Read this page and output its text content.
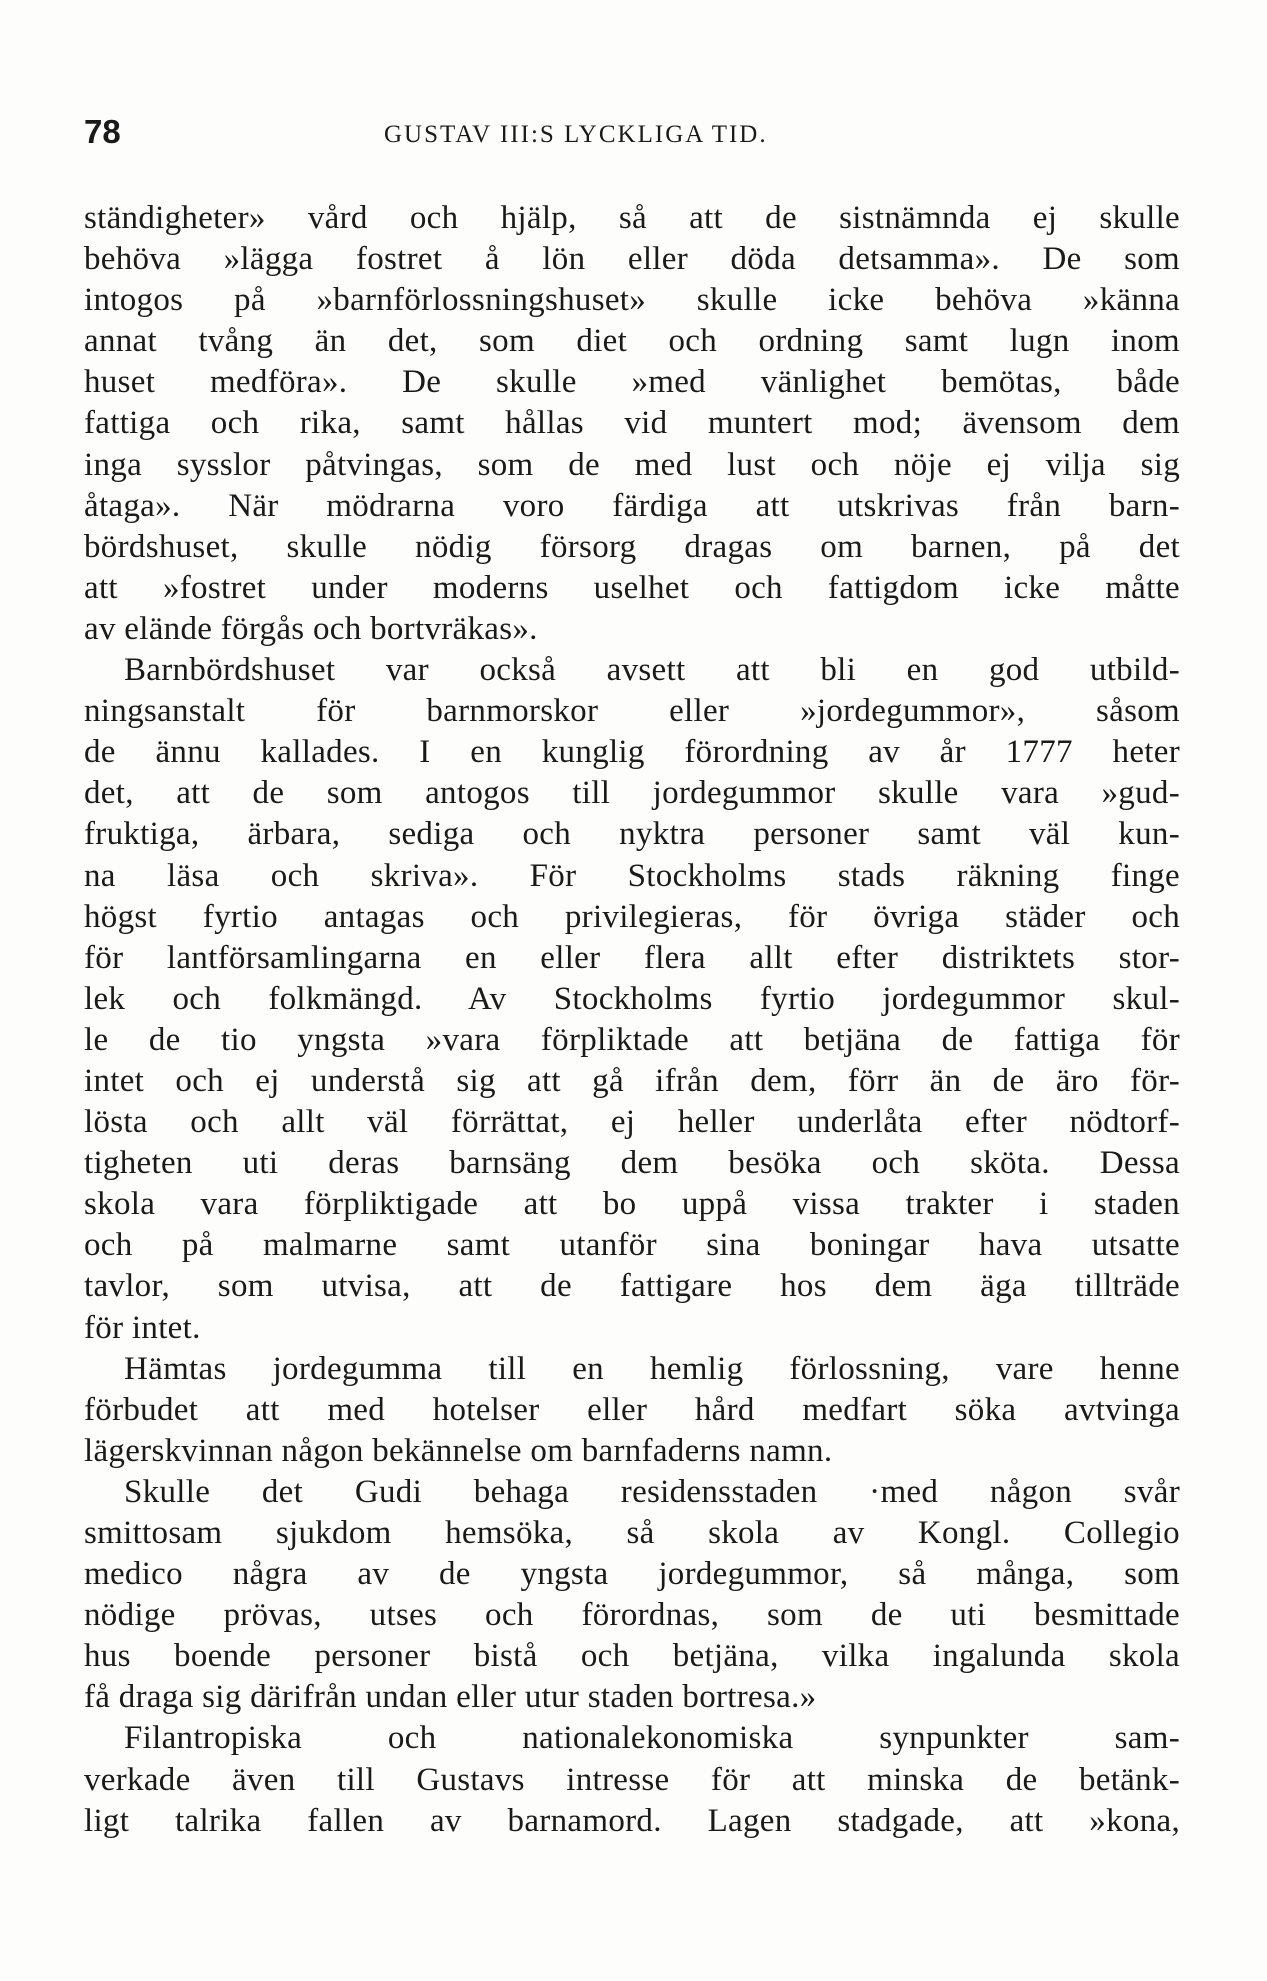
78	GUSTAV III:S LYCKLIGA TID.
ständigheter» vård och hjälp, så att de sistnämnda ej skulle
behöva »lägga fostret å lön eller döda detsamma». De som
intogos på »barnförlossningshuset» skulle icke behöva »känna
annat tvång än det, som diet och ordning samt lugn inom
huset medföra». De skulle »med vänlighet bemötas, både
fattiga och rika, samt hållas vid muntert mod; ävensom dem
inga sysslor påtvingas, som de med lust och nöje ej vilja sig
åtaga». När mödrarna voro färdiga att utskrivas från barn-
bördshuset, skulle nödig försorg dragas om barnen, på det
att »fostret under moderns uselhet och fattigdom icke måtte
av elände förgås och bortvräkas».
Barnbördshuset var också avsett att bli en god utbild-
ningsanstalt för barnmorskor eller »jordegummor», såsom
de ännu kallades. I en kunglig förordning av år 1777 heter
det, att de som antogos till jordegummor skulle vara »gud-
fruktiga, ärbara, sediga och nyktra personer samt väl kun-
na läsa och skriva». För Stockholms stads räkning finge
högst fyrtio antagas och privilegieras, för övriga städer och
för lantförsamlingarna en eller flera allt efter distriktets stor-
lek och folkmängd. Av Stockholms fyrtio jordegummor skul-
le de tio yngsta »vara förpliktade att betjäna de fattiga för
intet och ej understå sig att gå ifrån dem, förr än de äro för-
lösta och allt väl förrättat, ej heller underlåta efter nödtorf-
tigheten uti deras barnsäng dem besöka och sköta. Dessa
skola vara förpliktigade att bo uppå vissa trakter i staden
och på malmarne samt utanför sina boningar hava utsatte
tavlor, som utvisa, att de fattigare hos dem äga tillträde
för intet.
Hämtas jordegumma till en hemlig förlossning, vare henne
förbudet att med hotelser eller hård medfart söka avtvinga
lägerskvinnan någon bekännelse om barnfaderns namn.
Skulle det Gudi behaga residensstaden ·med någon svår
smittosam sjukdom hemsöka, så skola av Kongl. Collegio
medico några av de yngsta jordegummor, så många, som
nödige prövas, utses och förordnas, som de uti besmittade
hus boende personer bistå och betjäna, vilka ingalunda skola
få draga sig därifrån undan eller utur staden bortresa.»
Filantropiska och nationalekonomiska synpunkter sam-
verkade även till Gustavs intresse för att minska de betänk-
ligt talrika fallen av barnamord. Lagen stadgade, att »kona,
